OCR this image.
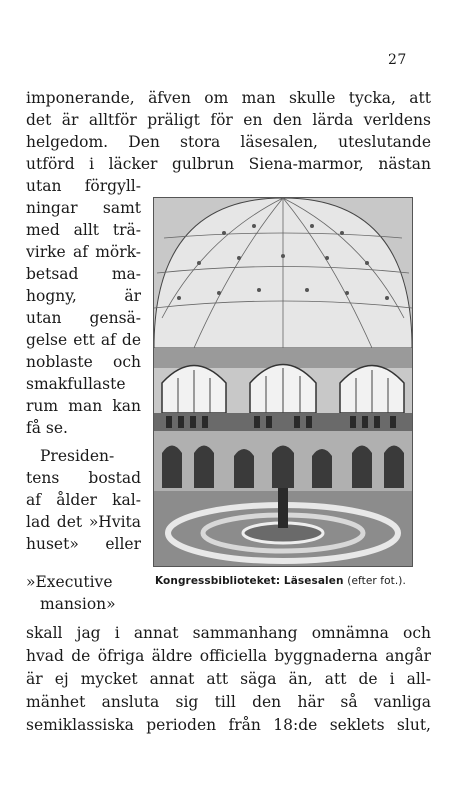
27
imponerande, äfven om man skulle tycka, att
det är alltför präligt för en den lärda verldens
helgedom. Den stora läsesalen, uteslutande
utförd i läcker gulbrun Siena-marmor, nästan
utan förgyll-
ningar samt
med allt trä-
virke af mörk-
betsad ma-
hogny, är
utan gensä-
gelse ett af de
noblaste och
smakfullaste
rum man kan
få se.
Presiden-
tens bostad
af ålder kal-
lad det »Hvita
huset» eller
»Executive
mansion»
Kongressbiblioteket: Läsesalen (efter fot.).
skall jag i annat sammanhang omnämna och
hvad de öfriga äldre officiella byggnaderna angår
är ej mycket annat att säga än, att de i all-
mänhet ansluta sig till den här så vanliga
semiklassiska perioden från 18:de seklets slut,
